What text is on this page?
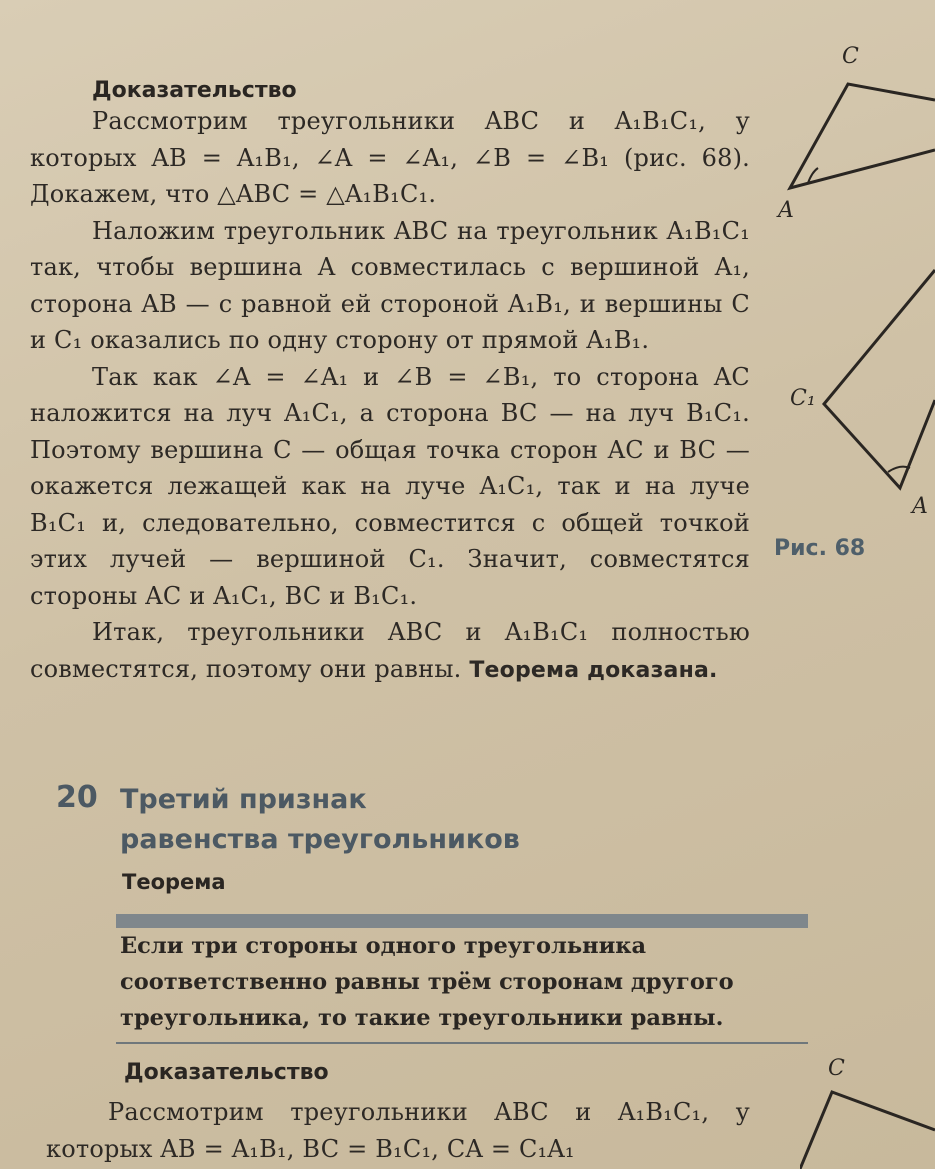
Доказательство

Рассмотрим треугольники ABC и A₁B₁C₁, у которых AB = A₁B₁, ∠A = ∠A₁, ∠B = ∠B₁ (рис. 68). Докажем, что △ABC = △A₁B₁C₁.

Наложим треугольник ABC на треугольник A₁B₁C₁ так, чтобы вершина A совместилась с вершиной A₁, сторона AB — с равной ей стороной A₁B₁, и вершины C и C₁ оказались по одну сторону от прямой A₁B₁.

Так как ∠A = ∠A₁ и ∠B = ∠B₁, то сторона AC наложится на луч A₁C₁, а сторона BC — на луч B₁C₁. Поэтому вершина C — общая точка сторон AC и BC — окажется лежащей как на луче A₁C₁, так и на луче B₁C₁ и, следовательно, совместится с общей точкой этих лучей — вершиной C₁. Значит, совместятся стороны AC и A₁C₁, BC и B₁C₁.

Итак, треугольники ABC и A₁B₁C₁ полностью совместятся, поэтому они равны. Теорема доказана.

C
A
C₁
A
Рис. 68
20 Третий признак
равенства треугольников
Теорема
Если три стороны одного треугольника соответственно равны трём сторонам другого треугольника, то такие треугольники равны.
Доказательство

Рассмотрим треугольники ABC и A₁B₁C₁, у которых AB = A₁B₁, BC = B₁C₁, CA = C₁A₁

C
